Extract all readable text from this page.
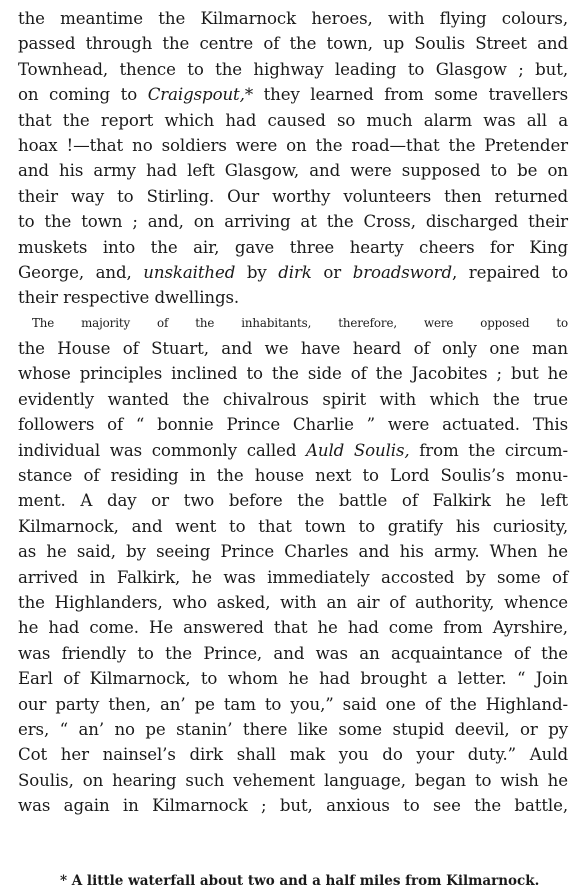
the meantime the Kilmarnock heroes, with flying colours,
passed through the centre of the town, up Soulis Street and
Townhead, thence to the highway leading to Glasgow ; but,
on coming to Craigspout,* they learned from some travellers
that the report which had caused so much alarm was all a
hoax !—that no soldiers were on the road—that the Pretender
and his army had left Glasgow, and were supposed to be on
their way to Stirling. Our worthy volunteers then returned
to the town ; and, on arriving at the Cross, discharged their
muskets into the air, gave three hearty cheers for King
George, and, unskaithed by dirk or broadsword, repaired to
their respective dwellings.
The majority of the inhabitants, therefore, were opposed to
the House of Stuart, and we have heard of only one man
whose principles inclined to the side of the Jacobites ; but he
evidently wanted the chivalrous spirit with which the true
followers of “ bonnie Prince Charlie ” were actuated. This
individual was commonly called Auld Soulis, from the circum-
stance of residing in the house next to Lord Soulis’s monu-
ment. A day or two before the battle of Falkirk he left
Kilmarnock, and went to that town to gratify his curiosity,
as he said, by seeing Prince Charles and his army. When he
arrived in Falkirk, he was immediately accosted by some of
the Highlanders, who asked, with an air of authority, whence
he had come. He answered that he had come from Ayrshire,
was friendly to the Prince, and was an acquaintance of the
Earl of Kilmarnock, to whom he had brought a letter. “ Join
our party then, an’ pe tam to you,” said one of the Highland-
ers, “ an’ no pe stanin’ there like some stupid deevil, or py
Cot her nainsel’s dirk shall mak you do your duty.” Auld
Soulis, on hearing such vehement language, began to wish he
was again in Kilmarnock ; but, anxious to see the battle,
* A little waterfall about two and a half miles from Kilmarnock.
